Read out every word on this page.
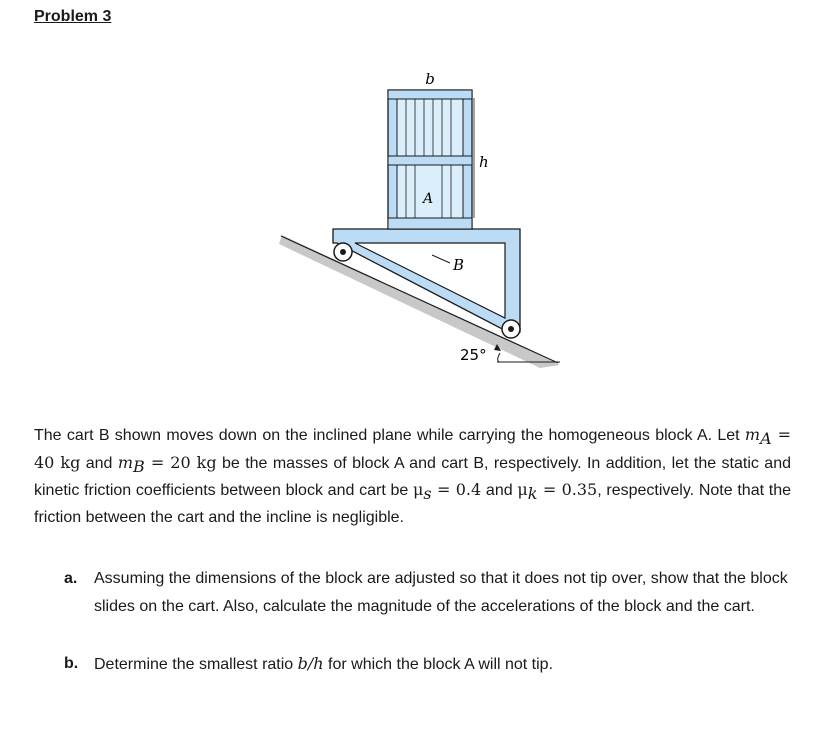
Problem 3
b
h
A
B
25°
The cart B shown moves down on the inclined plane while carrying the homogeneous block A. Let $m_A = 40$ kg and $m_B = 20$ kg be the masses of block A and cart B, respectively. In addition, let the static and kinetic friction coefficients between block and cart be $\mu_s = 0.4$ and $\mu_k = 0.35$, respectively. Note that the friction between the cart and the incline is negligible.
a. Assuming the dimensions of the block are adjusted so that it does not tip over, show that the block slides on the cart. Also, calculate the magnitude of the accelerations of the block and the cart.
b. Determine the smallest ratio b/h for which the block A will not tip.
